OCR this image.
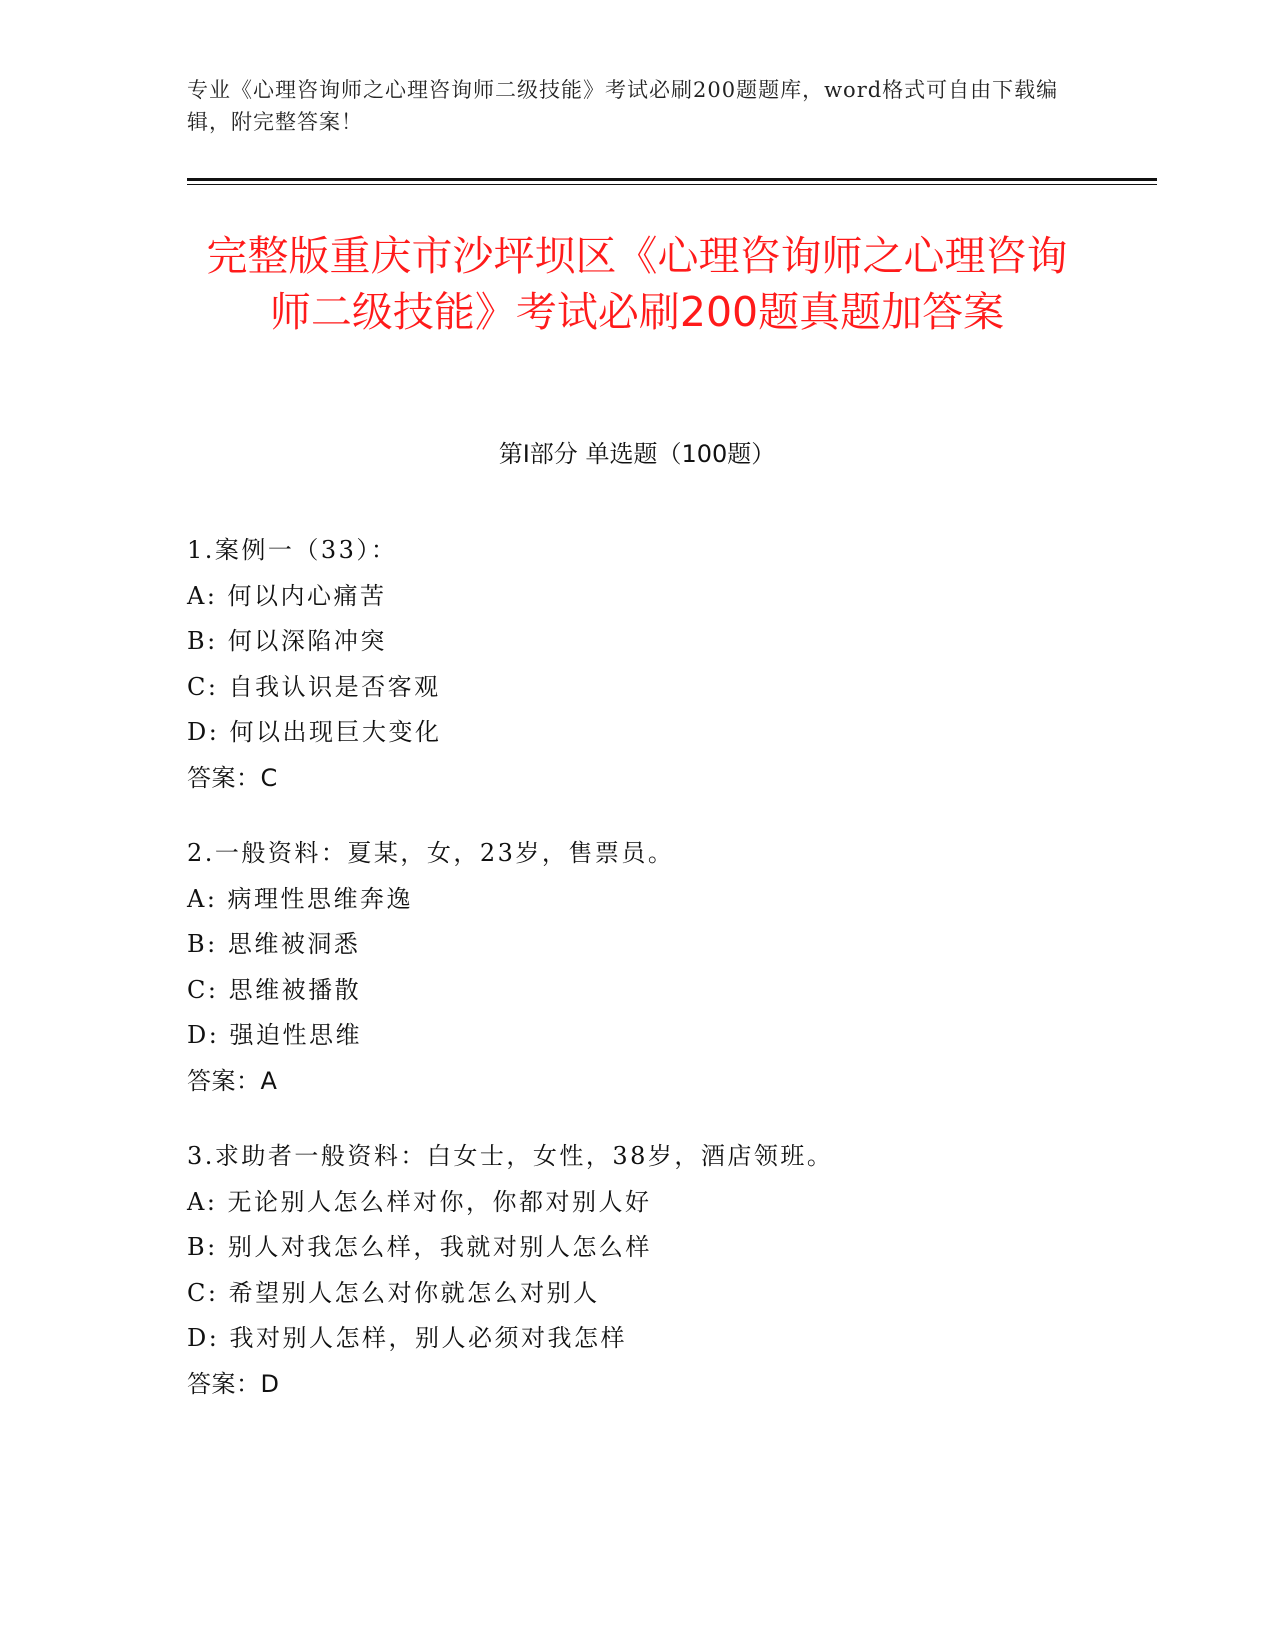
专业《心理咨询师之心理咨询师二级技能》考试必刷200题题库，word格式可自由下载编辑，附完整答案！
完整版重庆市沙坪坝区《心理咨询师之心理咨询师二级技能》考试必刷200题真题加答案
第Ⅰ部分 单选题（100题）
1.案例一（33）：
A: 何以内心痛苦
B: 何以深陷冲突
C: 自我认识是否客观
D: 何以出现巨大变化
答案：C
2.一般资料：夏某，女，23岁，售票员。
A: 病理性思维奔逸
B: 思维被洞悉
C: 思维被播散
D: 强迫性思维
答案：A
3.求助者一般资料：白女士，女性，38岁，酒店领班。
A: 无论别人怎么样对你，你都对别人好
B: 别人对我怎么样，我就对别人怎么样
C: 希望别人怎么对你就怎么对别人
D: 我对别人怎样，别人必须对我怎样
答案：D
